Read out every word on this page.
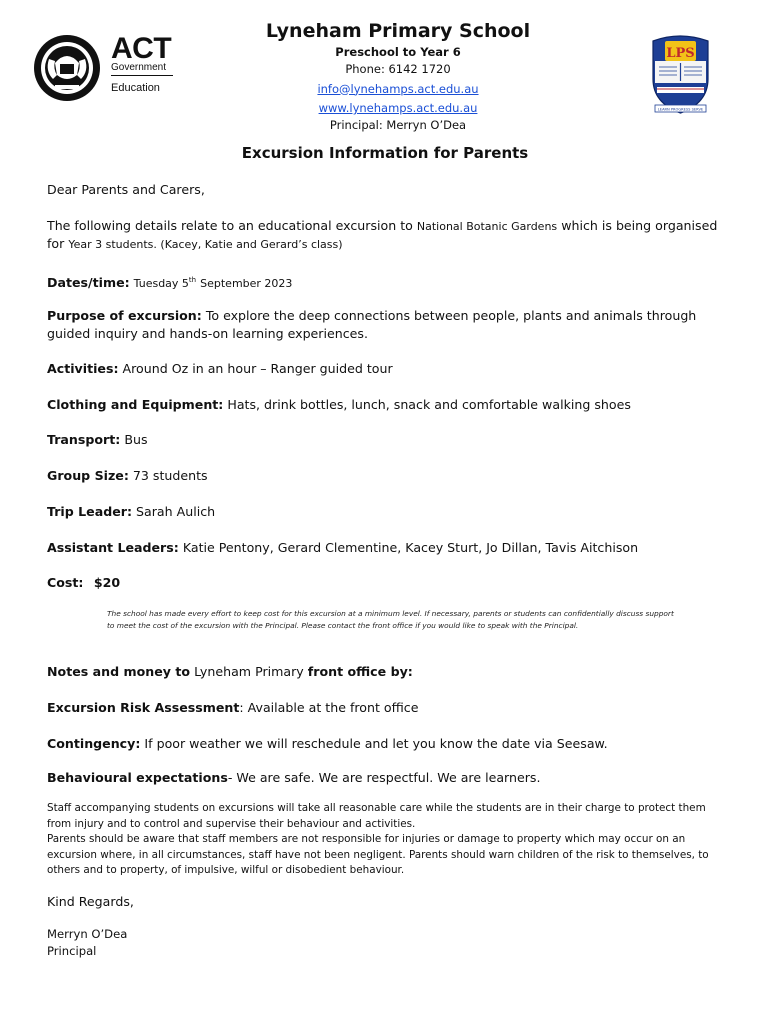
ACT
Government
Education
Lyneham Primary School
Preschool to Year 6
Phone: 6142 1720
info@lynehamps.act.edu.au
www.lynehamps.act.edu.au
Principal: Merryn O’Dea
LPS
LEARN PROGRESS SERVE
Excursion Information for Parents
Dear Parents and Carers,
The following details relate to an educational excursion to National Botanic Gardens which is being organised
for Year 3 students. (Kacey, Katie and Gerard’s class)
Dates/time: Tuesday 5th September 2023
Purpose of excursion: To explore the deep connections between people, plants and animals through
guided inquiry and hands-on learning experiences.
Activities: Around Oz in an hour – Ranger guided tour
Clothing and Equipment: Hats, drink bottles, lunch, snack and comfortable walking shoes
Transport: Bus
Group Size: 73 students
Trip Leader: Sarah Aulich
Assistant Leaders: Katie Pentony, Gerard Clementine, Kacey Sturt, Jo Dillan, Tavis Aitchison
Cost: $20
The school has made every effort to keep cost for this excursion at a minimum level. If necessary, parents or students can confidentially discuss support
to meet the cost of the excursion with the Principal. Please contact the front office if you would like to speak with the Principal.
Notes and money to Lyneham Primary front office by:
Excursion Risk Assessment: Available at the front office
Contingency: If poor weather we will reschedule and let you know the date via Seesaw.
Behavioural expectations- We are safe. We are respectful. We are learners.
Staff accompanying students on excursions will take all reasonable care while the students are in their charge to protect them
from injury and to control and supervise their behaviour and activities.
Parents should be aware that staff members are not responsible for injuries or damage to property which may occur on an
excursion where, in all circumstances, staff have not been negligent. Parents should warn children of the risk to themselves, to
others and to property, of impulsive, wilful or disobedient behaviour.
Kind Regards,
Merryn O’Dea
Principal
